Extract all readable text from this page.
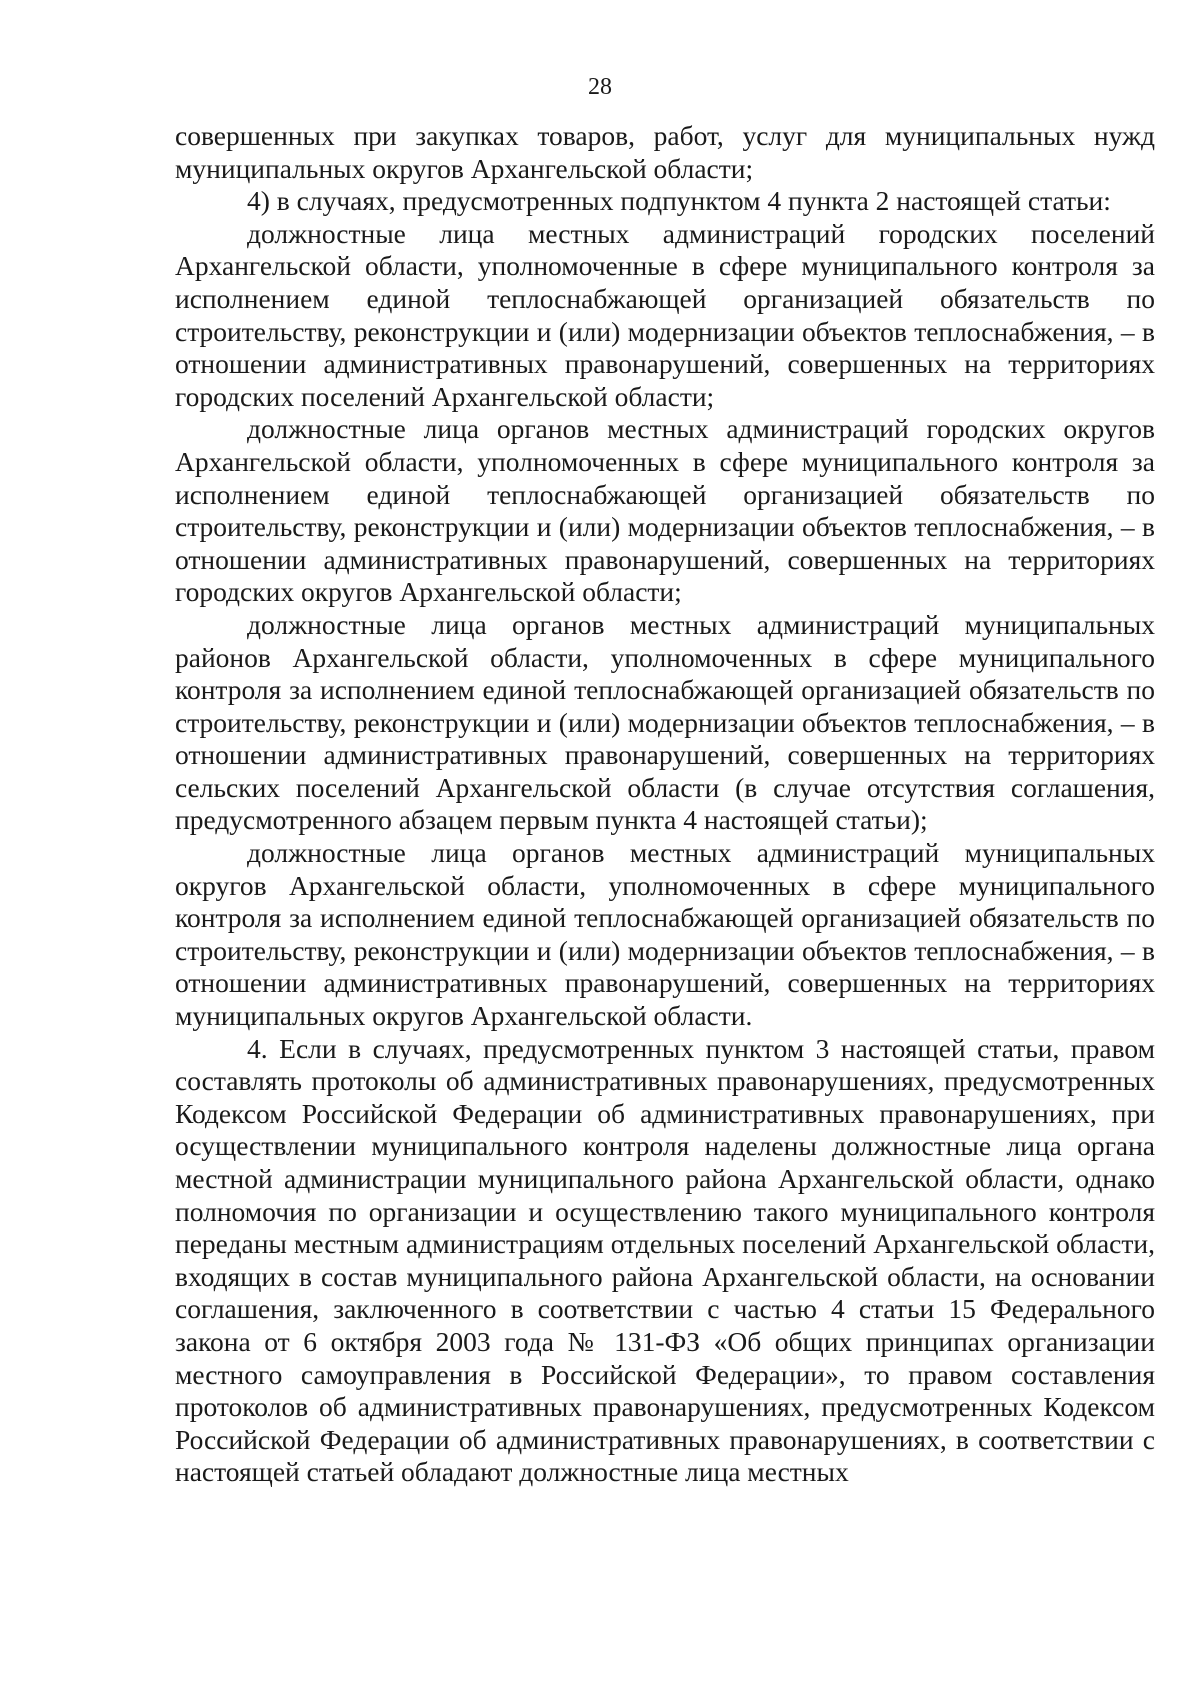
28

совершенных при закупках товаров, работ, услуг для муниципальных нужд муниципальных округов Архангельской области;

4) в случаях, предусмотренных подпунктом 4 пункта 2 настоящей статьи:

должностные лица местных администраций городских поселений Архангельской области, уполномоченные в сфере муниципального контроля за исполнением единой теплоснабжающей организацией обязательств по строительству, реконструкции и (или) модернизации объектов теплоснабжения, – в отношении административных правонарушений, совершенных на территориях городских поселений Архангельской области;

должностные лица органов местных администраций городских округов Архангельской области, уполномоченных в сфере муниципального контроля за исполнением единой теплоснабжающей организацией обязательств по строительству, реконструкции и (или) модернизации объектов теплоснабжения, – в отношении административных правонарушений, совершенных на территориях городских округов Архангельской области;

должностные лица органов местных администраций муниципальных районов Архангельской области, уполномоченных в сфере муниципального контроля за исполнением единой теплоснабжающей организацией обязательств по строительству, реконструкции и (или) модернизации объектов теплоснабжения, – в отношении административных правонарушений, совершенных на территориях сельских поселений Архангельской области (в случае отсутствия соглашения, предусмотренного абзацем первым пункта 4 настоящей статьи);

должностные лица органов местных администраций муниципальных округов Архангельской области, уполномоченных в сфере муниципального контроля за исполнением единой теплоснабжающей организацией обязательств по строительству, реконструкции и (или) модернизации объектов теплоснабжения, – в отношении административных правонарушений, совершенных на территориях муниципальных округов Архангельской области.

4. Если в случаях, предусмотренных пунктом 3 настоящей статьи, правом составлять протоколы об административных правонарушениях, предусмотренных Кодексом Российской Федерации об административных правонарушениях, при осуществлении муниципального контроля наделены должностные лица органа местной администрации муниципального района Архангельской области, однако полномочия по организации и осуществлению такого муниципального контроля переданы местным администрациям отдельных поселений Архангельской области, входящих в состав муниципального района Архангельской области, на основании соглашения, заключенного в соответствии с частью 4 статьи 15 Федерального закона от 6 октября 2003 года № 131-ФЗ «Об общих принципах организации местного самоуправления в Российской Федерации», то правом составления протоколов об административных правонарушениях, предусмотренных Кодексом Российской Федерации об административных правонарушениях, в соответствии с настоящей статьей обладают должностные лица местных
